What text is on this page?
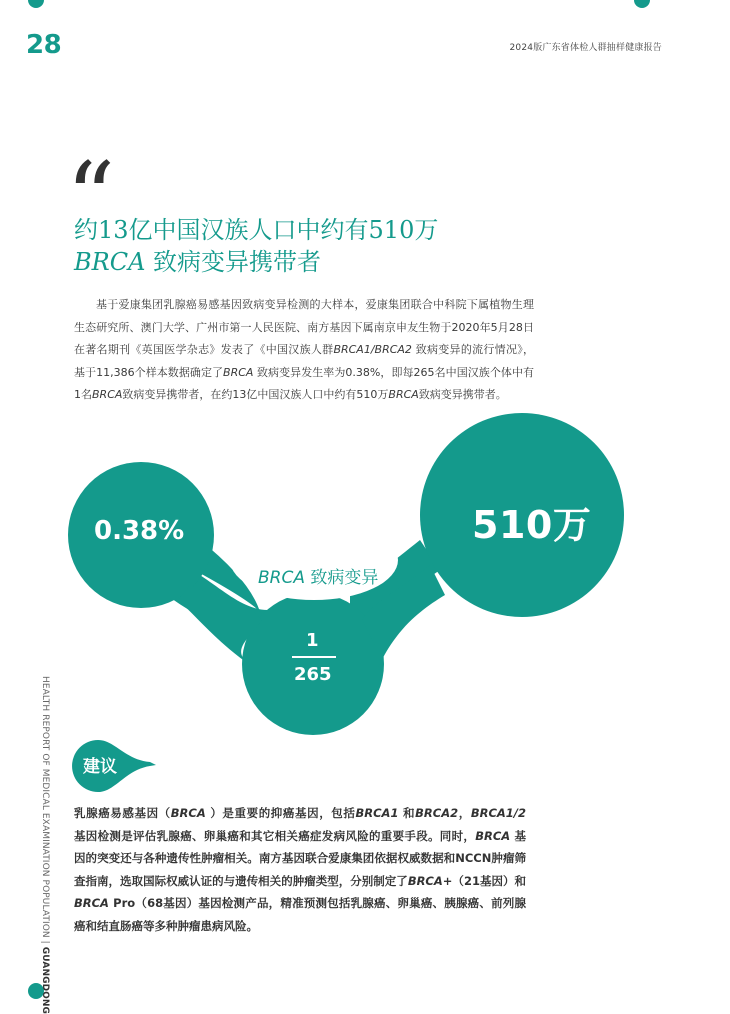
28	2024版广东省体检人群抽样健康报告
“
约13亿中国汉族人口中约有510万
BRCA 致病变异携带者
基于爱康集团乳腺癌易感基因致病变异检测的大样本，爱康集团联合中科院下属植物生理生态研究所、澳门大学、广州市第一人民医院、南方基因下属南京申友生物于2020年5月28日在著名期刊《英国医学杂志》发表了《中国汉族人群BRCA1/BRCA2 致病变异的流行情况》，基于11,386个样本数据确定了BRCA 致病变异发生率为0.38%，即每265名中国汉族个体中有1名BRCA致病变异携带者，在约13亿中国汉族人口中约有510万BRCA致病变异携带者。
HEALTH REPORT OF MEDICAL EXAMINATION POPULATION | GUANGDONG
0.38%	510万
BRCA 致病变异
1
265
建议
乳腺癌易感基因（BRCA ）是重要的抑癌基因，包括BRCA1 和BRCA2，BRCA1/2 基因检测是评估乳腺癌、卵巢癌和其它相关癌症发病风险的重要手段。同时，BRCA 基因的突变还与各种遗传性肿瘤相关。南方基因联合爱康集团依据权威数据和NCCN肿瘤筛查指南，选取国际权威认证的与遗传相关的肿瘤类型，分别制定了BRCA+（21基因）和BRCA Pro（68基因）基因检测产品，精准预测包括乳腺癌、卵巢癌、胰腺癌、前列腺癌和结直肠癌等多种肿瘤患病风险。
